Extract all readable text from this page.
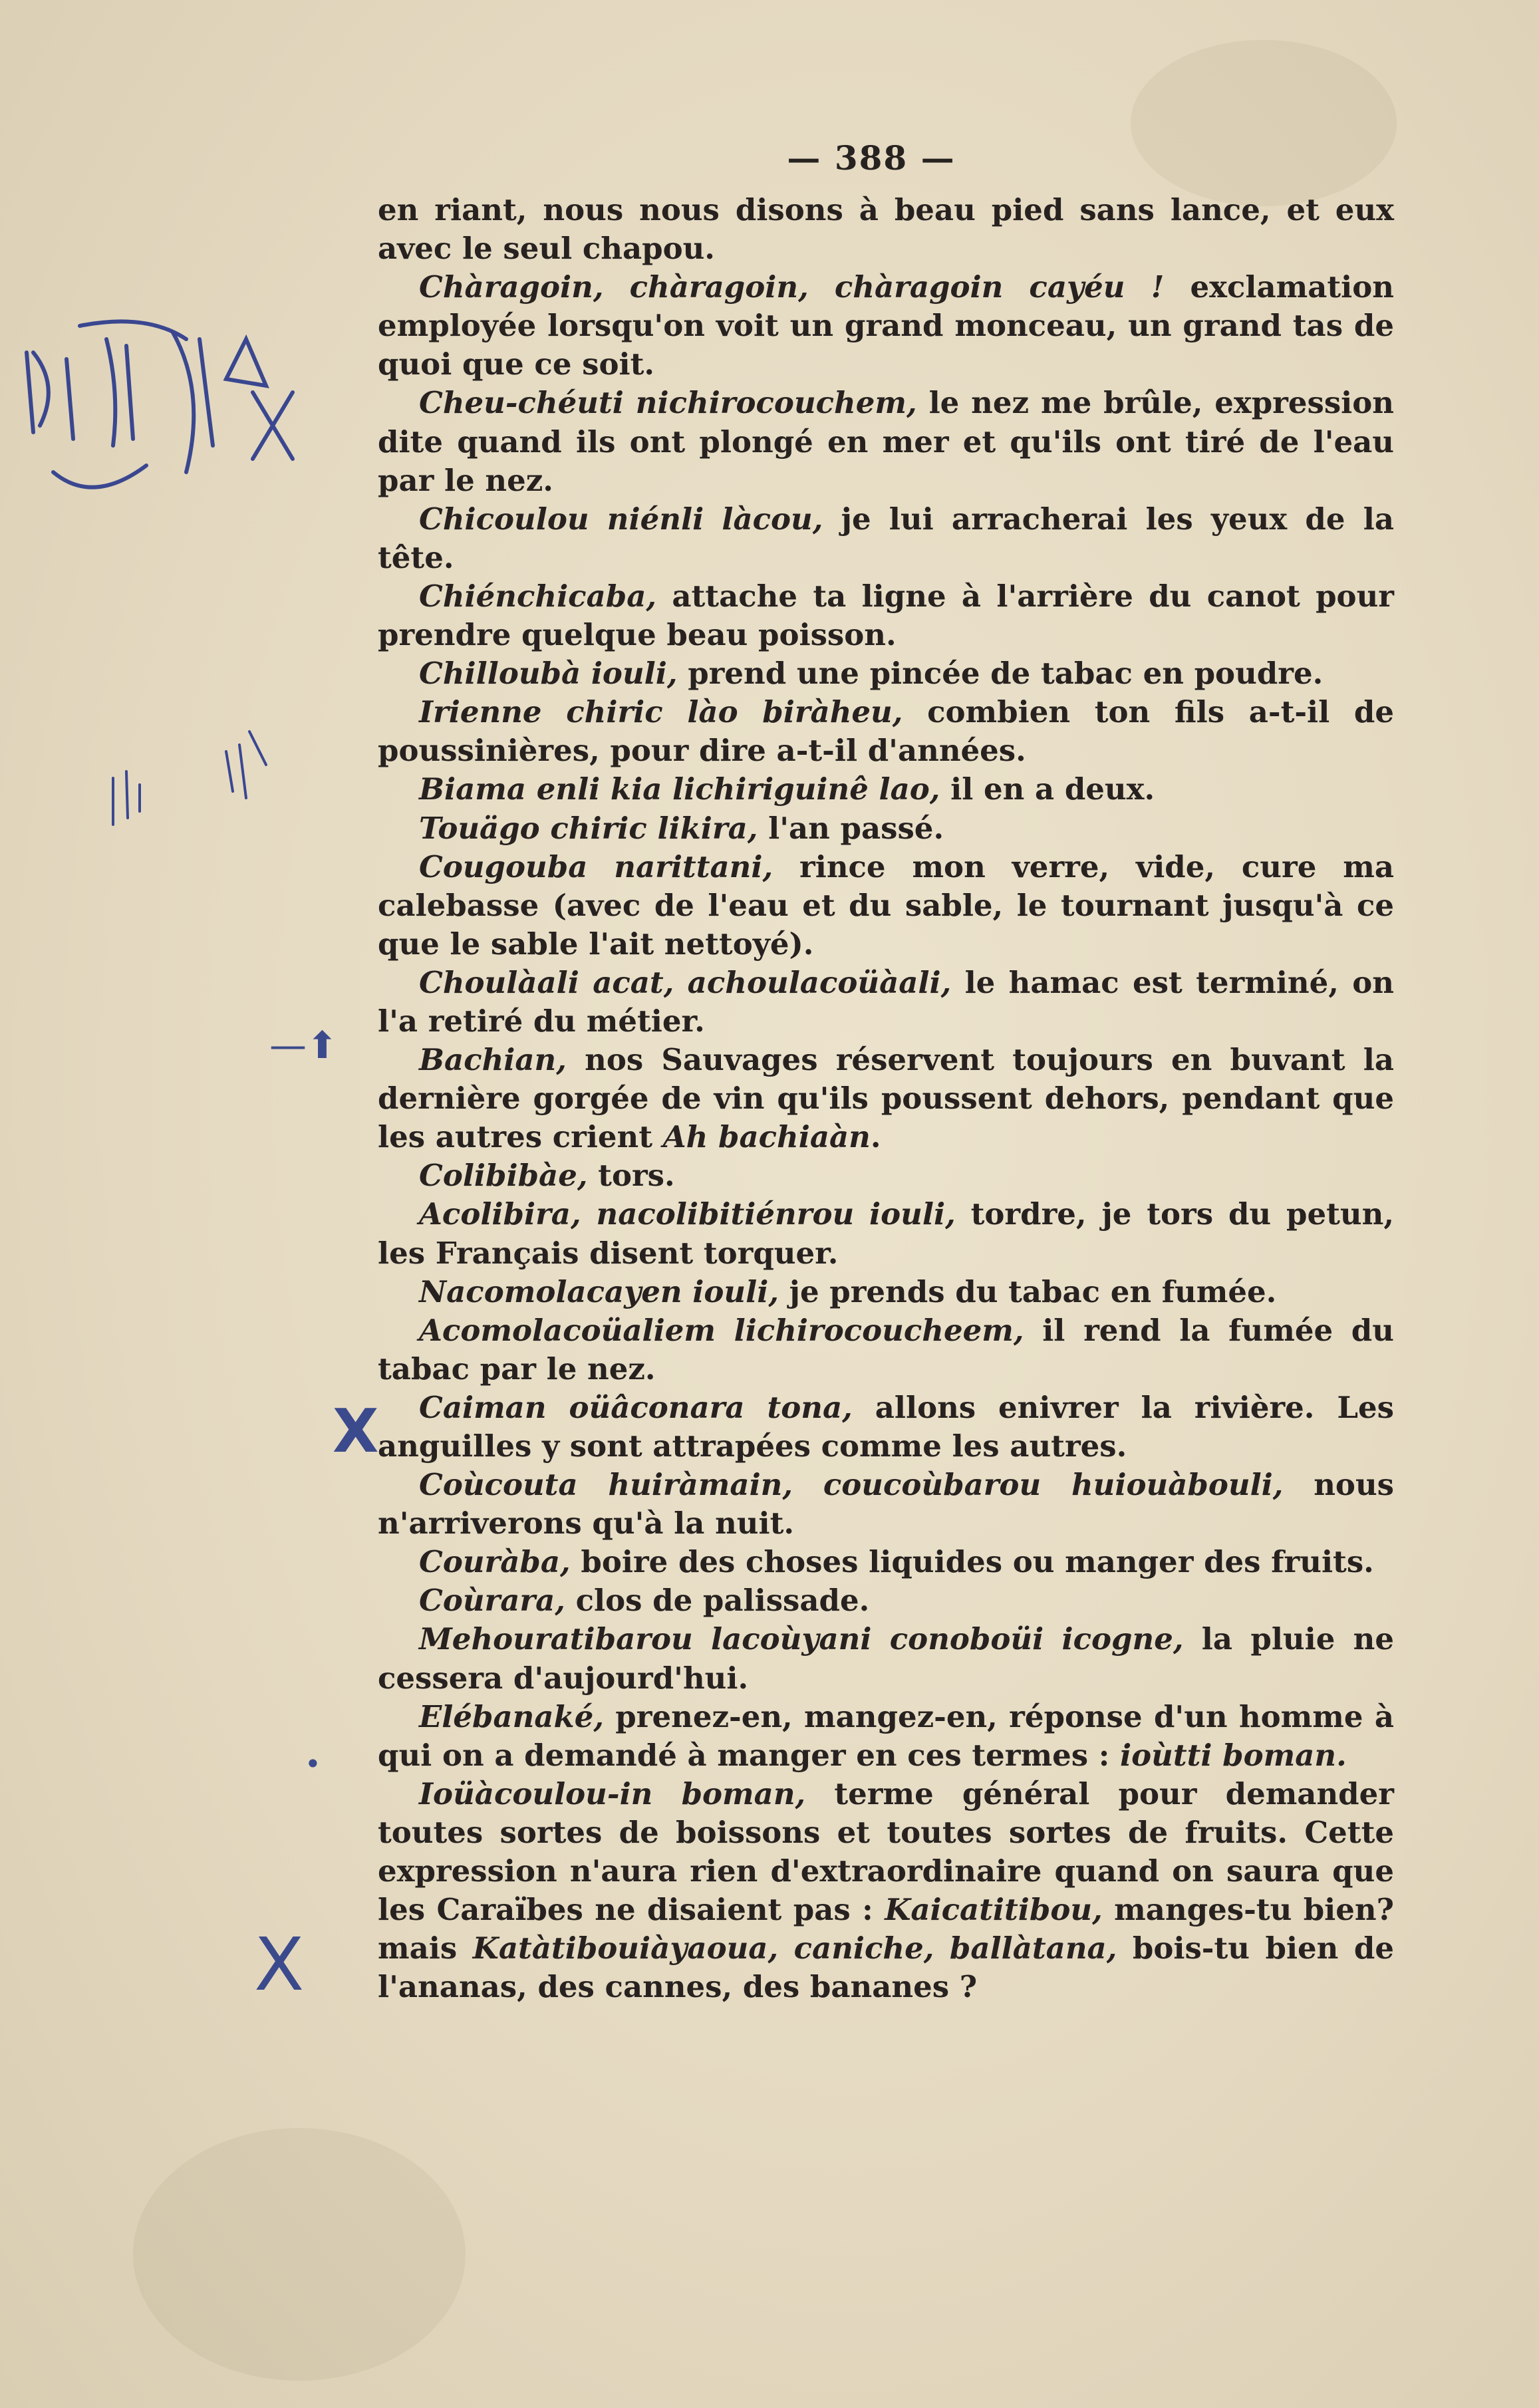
—⬆
X
•
X
— 388 —

en riant, nous nous disons à beau pied sans lance, et eux avec le seul chapou.

Chàragoin, chàragoin, chàragoin cayéu ! exclamation employée lorsqu'on voit un grand monceau, un grand tas de quoi que ce soit.

Cheu-chéuti nichirocouchem, le nez me brûle, expression dite quand ils ont plongé en mer et qu'ils ont tiré de l'eau par le nez.

Chicoulou niénli làcou, je lui arracherai les yeux de la tête.

Chiénchicaba, attache ta ligne à l'arrière du canot pour prendre quelque beau poisson.

Chilloubà iouli, prend une pincée de tabac en poudre.

Irienne chiric lào biràheu, combien ton fils a-t-il de poussinières, pour dire a-t-il d'années.

Biama enli kia lichiriguinê lao, il en a deux.

Touägo chiric likira, l'an passé.

Cougouba narittani, rince mon verre, vide, cure ma calebasse (avec de l'eau et du sable, le tournant jusqu'à ce que le sable l'ait nettoyé).

Choulàali acat, achoulacoüàali, le hamac est terminé, on l'a retiré du métier.

Bachian, nos Sauvages réservent toujours en buvant la dernière gorgée de vin qu'ils poussent dehors, pendant que les autres crient Ah bachiaàn.

Colibibàe, tors.

Acolibira, nacolibitiénrou iouli, tordre, je tors du petun, les Français disent torquer.

Nacomolacayen iouli, je prends du tabac en fumée.

Acomolacoüaliem lichirocoucheem, il rend la fumée du tabac par le nez.

Caiman oüâconara tona, allons enivrer la rivière. Les anguilles y sont attrapées comme les autres.

Coùcouta huiràmain, coucoùbarou huiouàbouli, nous n'arriverons qu'à la nuit.

Couràba, boire des choses liquides ou manger des fruits.

Coùrara, clos de palissade.

Mehouratibarou lacoùyani conoboüi icogne, la pluie ne cessera d'aujourd'hui.

Elébanaké, prenez-en, mangez-en, réponse d'un homme à qui on a demandé à manger en ces termes : ioùtti boman.

Ioüàcoulou-in boman, terme général pour demander toutes sortes de boissons et toutes sortes de fruits. Cette expression n'aura rien d'extraordinaire quand on saura que les Caraïbes ne disaient pas : Kaicatitibou, manges-tu bien? mais Katàtibouiàyaoua, caniche, ballàtana, bois-tu bien de l'ananas, des cannes, des bananes ?
